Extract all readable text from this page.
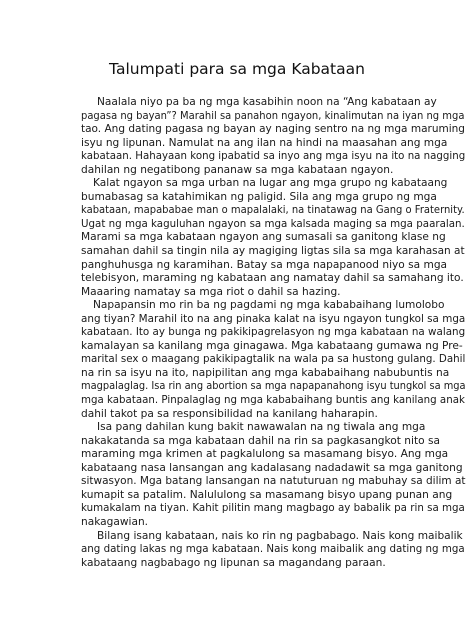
Talumpati para sa mga Kabataan
Naalala niyo pa ba ng mga kasabihin noon na “Ang kabataan ay
pagasa ng bayan”? Marahil sa panahon ngayon, kinalimutan na iyan ng mga
tao. Ang dating pagasa ng bayan ay naging sentro na ng mga maruming
isyu ng lipunan. Namulat na ang ilan na hindi na maasahan ang mga
kabataan. Hahayaan kong ipabatid sa inyo ang mga isyu na ito na nagging
dahilan ng negatibong pananaw sa mga kabataan ngayon.
Kalat ngayon sa mga urban na lugar ang mga grupo ng kabataang
bumabasag sa katahimikan ng paligid. Sila ang mga grupo ng mga
kabataan, mapababae man o mapalalaki, na tinatawag na Gang o Fraternity.
Ugat ng mga kaguluhan ngayon sa mga kalsada maging sa mga paaralan.
Marami sa mga kabataan ngayon ang sumasali sa ganitong klase ng
samahan dahil sa tingin nila ay magiging ligtas sila sa mga karahasan at
panghuhusga ng karamihan. Batay sa mga napapanood niyo sa mga
telebisyon, maraming ng kabataan ang namatay dahil sa samahang ito.
Maaaring namatay sa mga riot o dahil sa hazing.
Napapansin mo rin ba ng pagdami ng mga kababaihang lumolobo
ang tiyan? Marahil ito na ang pinaka kalat na isyu ngayon tungkol sa mga
kabataan. Ito ay bunga ng pakikipagrelasyon ng mga kabataan na walang
kamalayan sa kanilang mga ginagawa. Mga kabataang gumawa ng Pre-
marital sex o maagang pakikipagtalik na wala pa sa hustong gulang. Dahil
na rin sa isyu na ito, napipilitan ang mga kababaihang nabubuntis na
magpalaglag. Isa rin ang abortion sa mga napapanahong isyu tungkol sa mga
mga kabataan. Pinpalaglag ng mga kababaihang buntis ang kanilang anak
dahil takot pa sa responsibilidad na kanilang haharapin.
Isa pang dahilan kung bakit nawawalan na ng tiwala ang mga
nakakatanda sa mga kabataan dahil na rin sa pagkasangkot nito sa
maraming mga krimen at pagkalulong sa masamang bisyo. Ang mga
kabataang nasa lansangan ang kadalasang nadadawit sa mga ganitong
sitwasyon. Mga batang lansangan na natuturuan ng mabuhay sa dilim at
kumapit sa patalim. Nalululong sa masamang bisyo upang punan ang
kumakalam na tiyan. Kahit pilitin mang magbago ay babalik pa rin sa mga
nakagawian.
Bilang isang kabataan, nais ko rin ng pagbabago. Nais kong maibalik
ang dating lakas ng mga kabataan. Nais kong maibalik ang dating ng mga
kabataang nagbabago ng lipunan sa magandang paraan.
